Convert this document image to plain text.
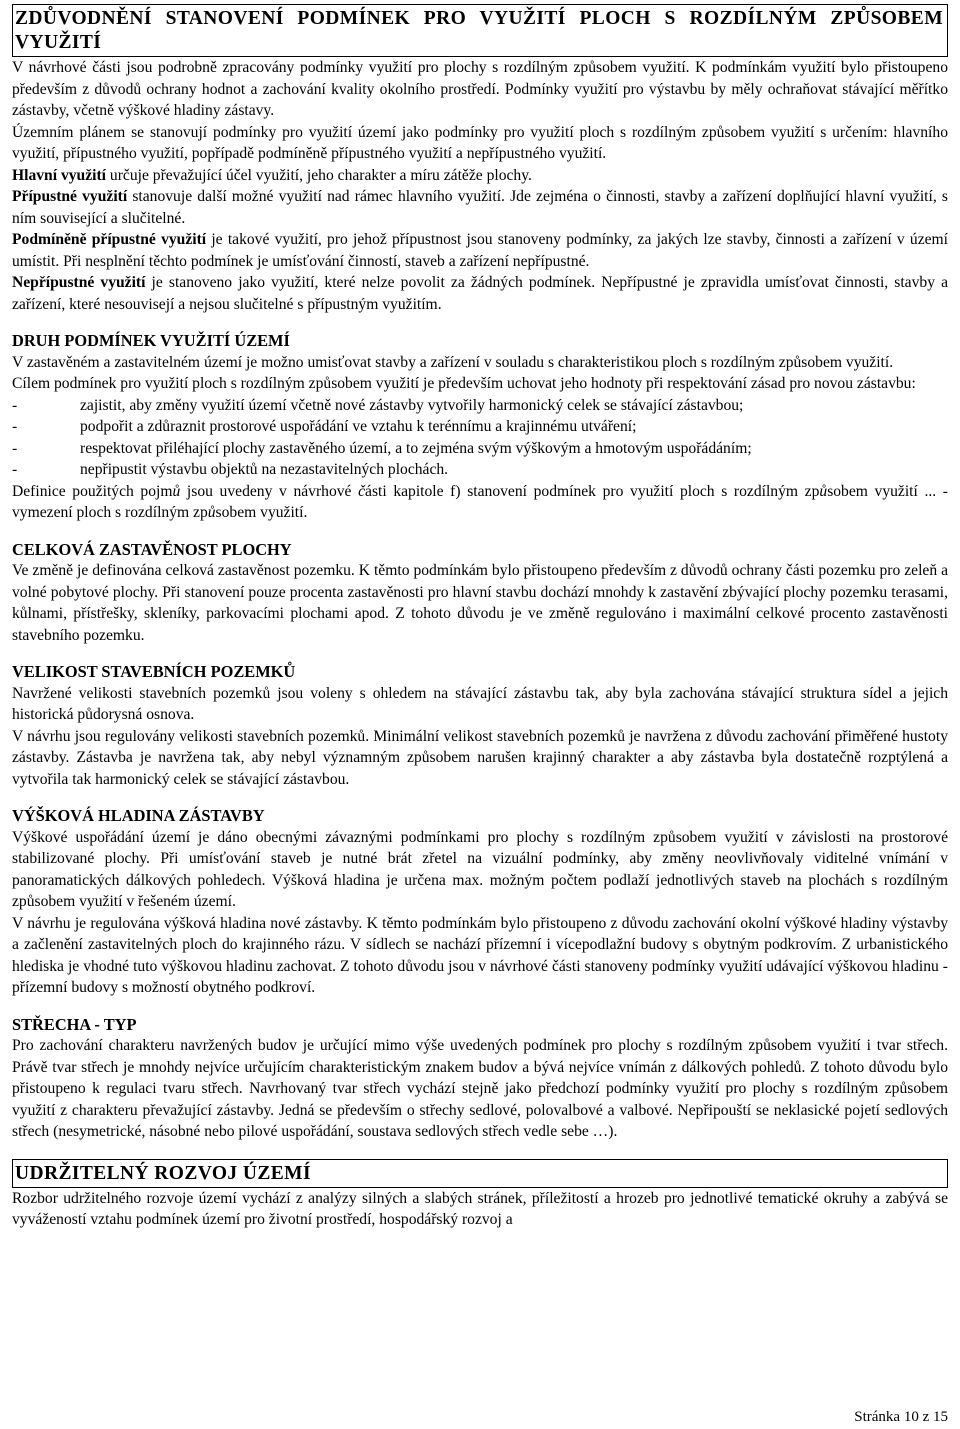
ZDŮVODNĚNÍ STANOVENÍ PODMÍNEK PRO VYUŽITÍ PLOCH S ROZDÍLNÝM ZPŮSOBEM VYUŽITÍ

V návrhové části jsou podrobně zpracovány podmínky využití pro plochy s rozdílným způsobem využití. K podmínkám využití bylo přistoupeno především z důvodů ochrany hodnot a zachování kvality okolního prostředí. Podmínky využití pro výstavbu by měly ochraňovat stávající měřítko zástavby, včetně výškové hladiny zástavy.

Územním plánem se stanovují podmínky pro využití území jako podmínky pro využití ploch s rozdílným způsobem využití s určením: hlavního využití, přípustného využití, popřípadě podmíněně přípustného využití a nepřípustného využití.

Hlavní využití určuje převažující účel využití, jeho charakter a míru zátěže plochy.

Přípustné využití stanovuje další možné využití nad rámec hlavního využití. Jde zejména o činnosti, stavby a zařízení doplňující hlavní využití, s ním související a slučitelné.

Podmíněně přípustné využití je takové využití, pro jehož přípustnost jsou stanoveny podmínky, za jakých lze stavby, činnosti a zařízení v území umístit. Při nesplnění těchto podmínek je umísťování činností, staveb a zařízení nepřípustné.

Nepřípustné využití je stanoveno jako využití, které nelze povolit za žádných podmínek. Nepřípustné je zpravidla umísťovat činnosti, stavby a zařízení, které nesouvisejí a nejsou slučitelné s přípustným využitím.

DRUH PODMÍNEK VYUŽITÍ ÚZEMÍ

V zastavěném a zastavitelném území je možno umisťovat stavby a zařízení v souladu s charakteristikou ploch s rozdílným způsobem využití.

Cílem podmínek pro využití ploch s rozdílným způsobem využití je především uchovat jeho hodnoty při respektování zásad pro novou zástavbu:

-	zajistit, aby změny využití území včetně nové zástavby vytvořily harmonický celek se stávající zástavbou;
-	podpořit a zdůraznit prostorové uspořádání ve vztahu k terénnímu a krajinnému utváření;
-	respektovat přiléhající plochy zastavěného území, a to zejména svým výškovým a hmotovým uspořádáním;
-	nepřipustit výstavbu objektů na nezastavitelných plochách.

Definice použitých pojmů jsou uvedeny v návrhové části kapitole f) stanovení podmínek pro využití ploch s rozdílným způsobem využití ... - vymezení ploch s rozdílným způsobem využití.

CELKOVÁ ZASTAVĚNOST PLOCHY

Ve změně je definována celková zastavěnost pozemku. K těmto podmínkám bylo přistoupeno především z důvodů ochrany části pozemku pro zeleň a volné pobytové plochy. Při stanovení pouze procenta zastavěnosti pro hlavní stavbu dochází mnohdy k zastavění zbývající plochy pozemku terasami, kůlnami, přístřešky, skleníky, parkovacími plochami apod. Z tohoto důvodu je ve změně regulováno i maximální celkové procento zastavěnosti stavebního pozemku.

VELIKOST STAVEBNÍCH POZEMKŮ

Navržené velikosti stavebních pozemků jsou voleny s ohledem na stávající zástavbu tak, aby byla zachována stávající struktura sídel a jejich historická půdorysná osnova.

V návrhu jsou regulovány velikosti stavebních pozemků. Minimální velikost stavebních pozemků je navržena z důvodu zachování přiměřené hustoty zástavby. Zástavba je navržena tak, aby nebyl významným způsobem narušen krajinný charakter a aby zástavba byla dostatečně rozptýlená a vytvořila tak harmonický celek se stávající zástavbou.

VÝŠKOVÁ HLADINA ZÁSTAVBY

Výškové uspořádání území je dáno obecnými závaznými podmínkami pro plochy s rozdílným způsobem využití v závislosti na prostorové stabilizované plochy. Při umísťování staveb je nutné brát zřetel na vizuální podmínky, aby změny neovlivňovaly viditelné vnímání v panoramatických dálkových pohledech. Výšková hladina je určena max. možným počtem podlaží jednotlivých staveb na plochách s rozdílným způsobem využití v řešeném území.

V návrhu je regulována výšková hladina nové zástavby. K těmto podmínkám bylo přistoupeno z důvodu zachování okolní výškové hladiny výstavby a začlenění zastavitelných ploch do krajinného rázu. V sídlech se nachází přízemní i vícepodlažní budovy s obytným podkrovím. Z urbanistického hlediska je vhodné tuto výškovou hladinu zachovat. Z tohoto důvodu jsou v návrhové části stanoveny podmínky využití udávající výškovou hladinu - přízemní budovy s možností obytného podkroví.

STŘECHA - TYP

Pro zachování charakteru navržených budov je určující mimo výše uvedených podmínek pro plochy s rozdílným způsobem využití i tvar střech. Právě tvar střech je mnohdy nejvíce určujícím charakteristickým znakem budov a bývá nejvíce vnímán z dálkových pohledů. Z tohoto důvodu bylo přistoupeno k regulaci tvaru střech. Navrhovaný tvar střech vychází stejně jako předchozí podmínky využití pro plochy s rozdílným způsobem využití z charakteru převažující zástavby. Jedná se především o střechy sedlové, polovalbové a valbové. Nepřipouští se neklasické pojetí sedlových střech (nesymetrické, násobné nebo pilové uspořádání, soustava sedlových střech vedle sebe …).

UDRŽITELNÝ ROZVOJ ÚZEMÍ

Rozbor udržitelného rozvoje území vychází z analýzy silných a slabých stránek, příležitostí a hrozeb pro jednotlivé tematické okruhy a zabývá se vyvážeností vztahu podmínek území pro životní prostředí, hospodářský rozvoj a

Stránka 10 z 15
